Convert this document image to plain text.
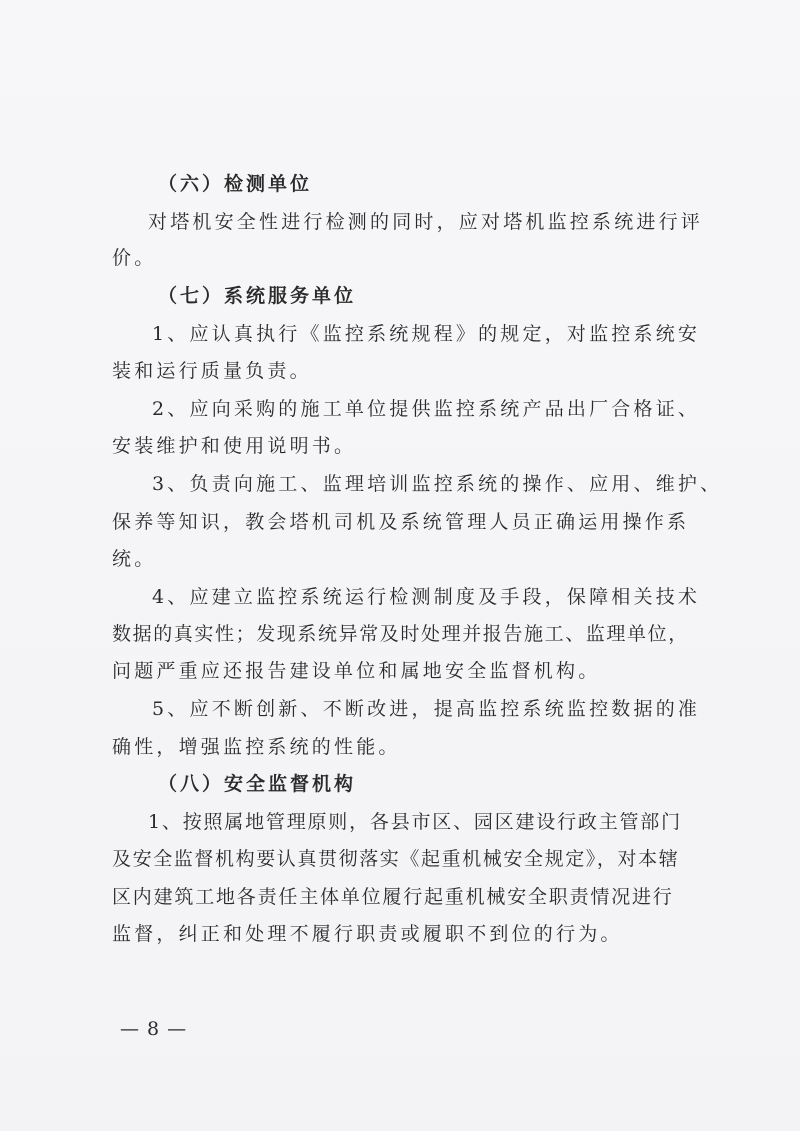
（六）检测单位
对塔机安全性进行检测的同时，应对塔机监控系统进行评
价。
（七）系统服务单位
1、应认真执行《监控系统规程》的规定，对监控系统安
装和运行质量负责。
2、应向采购的施工单位提供监控系统产品出厂合格证、
安装维护和使用说明书。
3、负责向施工、监理培训监控系统的操作、应用、维护、
保养等知识，教会塔机司机及系统管理人员正确运用操作系
统。
4、应建立监控系统运行检测制度及手段，保障相关技术
数据的真实性；发现系统异常及时处理并报告施工、监理单位，
问题严重应还报告建设单位和属地安全监督机构。
5、应不断创新、不断改进，提高监控系统监控数据的准
确性，增强监控系统的性能。
（八）安全监督机构
1、按照属地管理原则，各县市区、园区建设行政主管部门
及安全监督机构要认真贯彻落实《起重机械安全规定》，对本辖
区内建筑工地各责任主体单位履行起重机械安全职责情况进行
监督，纠正和处理不履行职责或履职不到位的行为。
— 8 —
